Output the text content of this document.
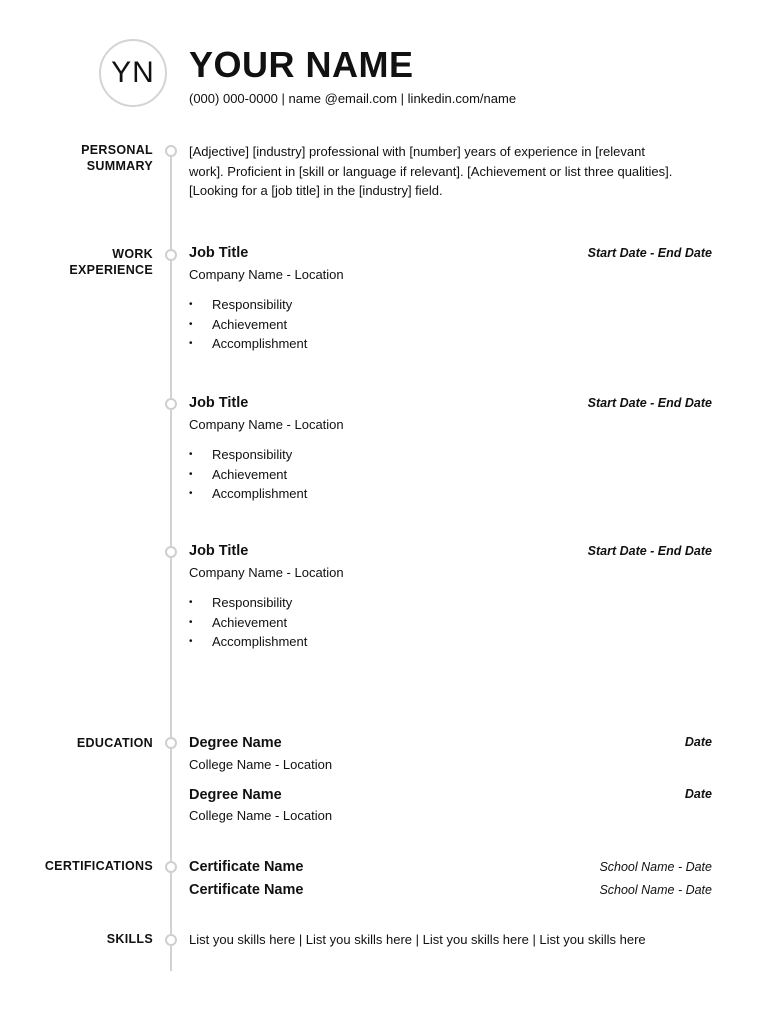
YN YOUR NAME
(000) 000-0000 | name @email.com | linkedin.com/name
PERSONAL
SUMMARY
[Adjective] [industry] professional with [number] years of experience in [relevant
work]. Proficient in [skill or language if relevant]. [Achievement or list three qualities].
[Looking for a [job title] in the [industry] field.
WORK
EXPERIENCE
Job Title	Start Date - End Date
Company Name - Location
• Responsibility
• Achievement
• Accomplishment
Job Title	Start Date - End Date
Company Name - Location
• Responsibility
• Achievement
• Accomplishment
Job Title	Start Date - End Date
Company Name - Location
• Responsibility
• Achievement
• Accomplishment
EDUCATION Degree Name	Date
College Name - Location
Degree Name	Date
College Name - Location
CERTIFICATIONS Certificate Name	School Name - Date
Certificate Name	School Name - Date
SKILLS	List you skills here | List you skills here | List you skills here | List you skills here
